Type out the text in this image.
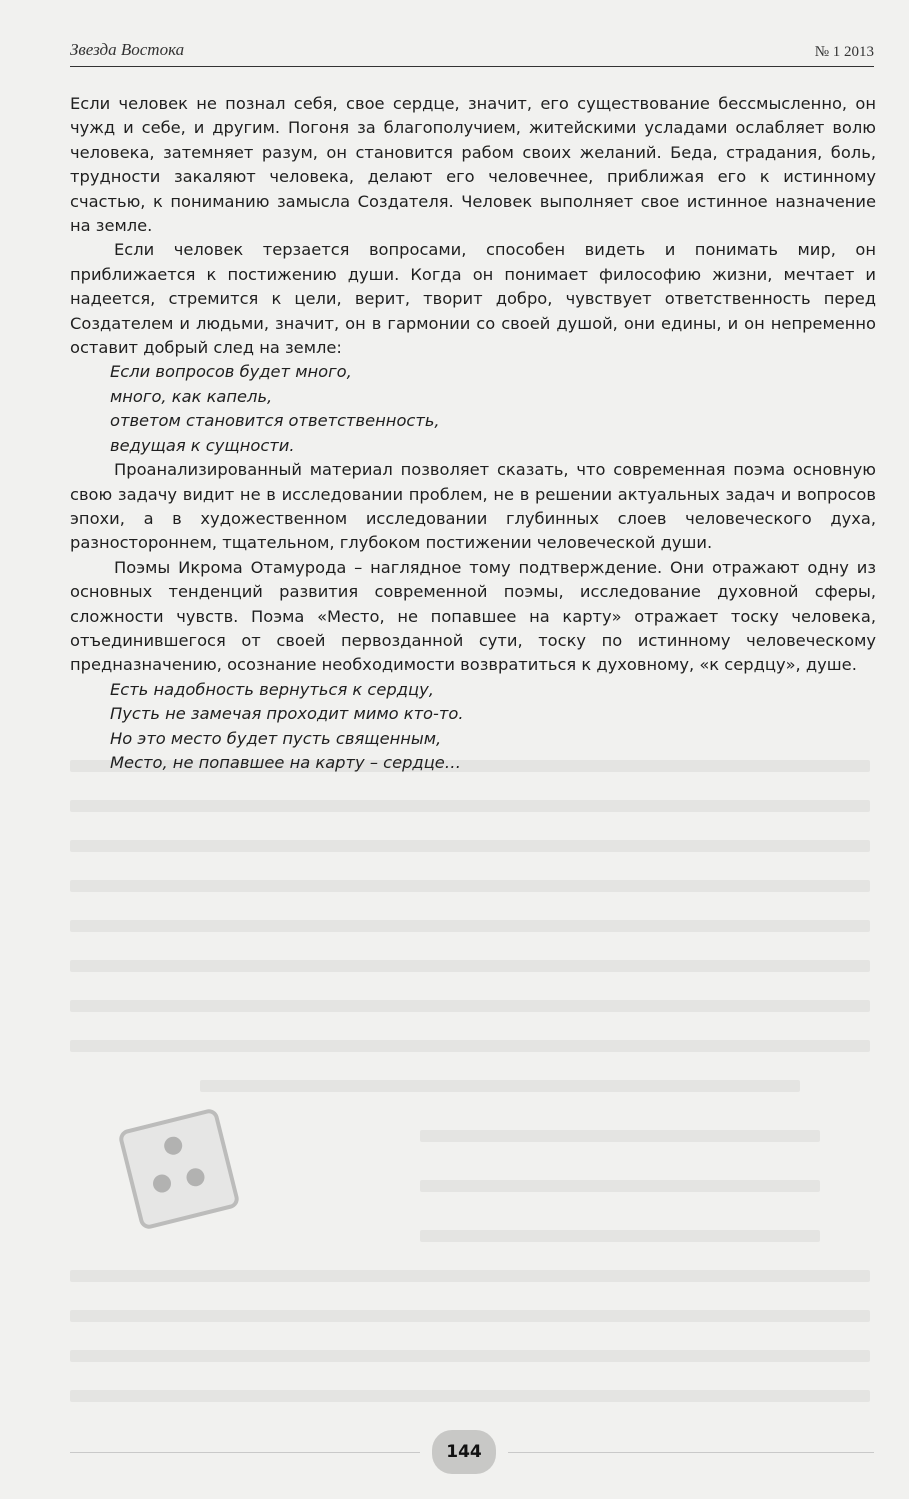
Звезда Востока	№ 1 2013

Если человек не познал себя, свое сердце, значит, его существование бессмысленно, он чужд и себе, и другим. Погоня за благополучием, житейскими усладами ослабляет волю человека, затемняет разум, он становится рабом своих желаний. Беда, страдания, боль, трудности закаляют человека, делают его человечнее, приближая его к истинному счастью, к пониманию замысла Создателя. Человек выполняет свое истинное назначение на земле.

Если человек терзается вопросами, способен видеть и понимать мир, он приближается к постижению души. Когда он понимает философию жизни, мечтает и надеется, стремится к цели, верит, творит добро, чувствует ответственность перед Создателем и людьми, значит, он в гармонии со своей душой, они едины, и он непременно оставит добрый след на земле:

Если вопросов будет много,
много, как капель,
ответом становится ответственность,
ведущая к сущности.

Проанализированный материал позволяет сказать, что современная поэма основную свою задачу видит не в исследовании проблем, не в решении актуальных задач и вопросов эпохи, а в художественном исследовании глубинных слоев человеческого духа, разностороннем, тщательном, глубоком постижении человеческой души.

Поэмы Икрома Отамурода – наглядное тому подтверждение. Они отражают одну из основных тенденций развития современной поэмы, исследование духовной сферы, сложности чувств. Поэма «Место, не попавшее на карту» отражает тоску человека, отъединившегося от своей первозданной сути, тоску по истинному человеческому предназначению, осознание необходимости возвратиться к духовному, «к сердцу», душе.

Есть надобность вернуться к сердцу,
Пусть не замечая проходит мимо кто-то.
Но это место будет пусть священным,
Место, не попавшее на карту – сердце…
144
